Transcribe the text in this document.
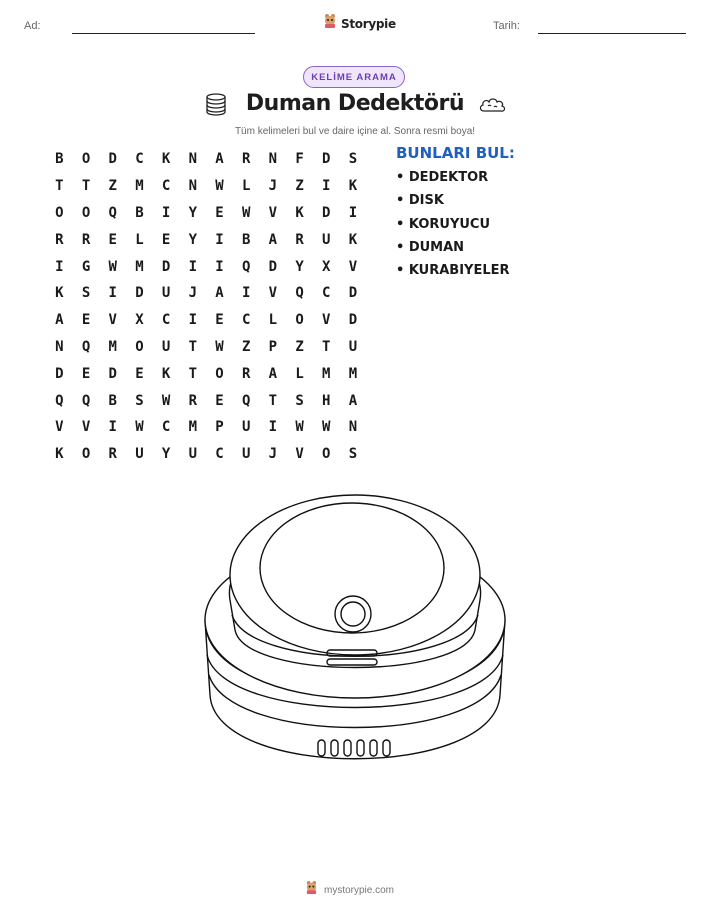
Ad:	Storypie	Tarih:
KELİME ARAMA
Duman Dedektörü
Tüm kelimeleri bul ve daire içine al. Sonra resmi boya!
B	O	D	C	K	N	A	R	N	F	D	S
T	T	Z	M	C	N	W	L	J	Z	I	K
O	O	Q	B	I	Y	E	W	V	K	D	I
R	R	E	L	E	Y	I	B	A	R	U	K
I	G	W	M	D	I	I	Q	D	Y	X	V
K	S	I	D	U	J	A	I	V	Q	C	D
A	E	V	X	C	I	E	C	L	O	V	D
N	Q	M	O	U	T	W	Z	P	Z	T	U
D	E	D	E	K	T	O	R	A	L	M	M
Q	Q	B	S	W	R	E	Q	T	S	H	A
V	V	I	W	C	M	P	U	I	W	W	N
K	O	R	U	Y	U	C	U	J	V	O	S
BUNLARI BUL:
• DEDEKTOR
• DISK
• KORUYUCU
• DUMAN
• KURABIYELER
mystorypie.com
